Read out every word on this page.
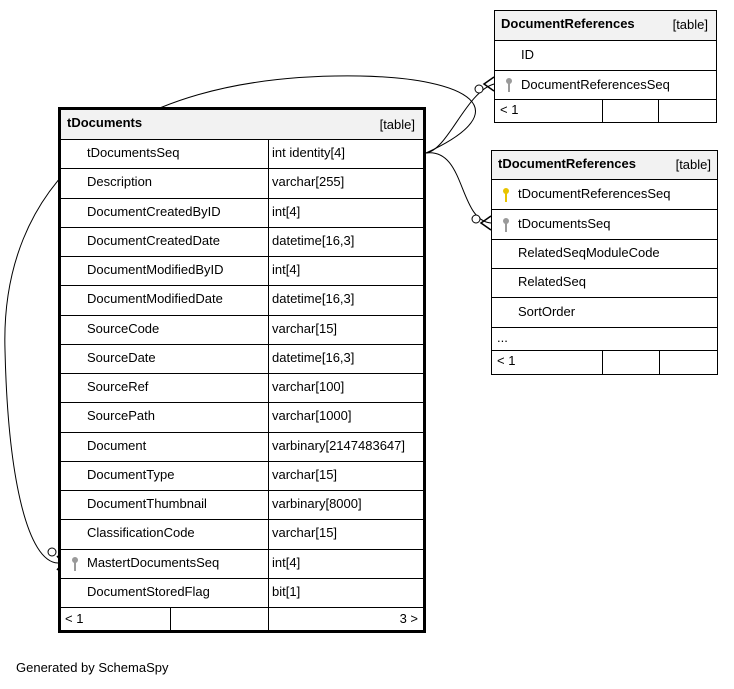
DocumentReferences	[table]
ID
DocumentReferencesSeq
< 1
tDocumentReferences	[table]
tDocumentReferencesSeq
tDocumentsSeq
RelatedSeqModuleCode
RelatedSeq
SortOrder
...
< 1
tDocuments	[table]
tDocumentsSeq	int identity[4]
Description	varchar[255]
DocumentCreatedByID	int[4]
DocumentCreatedDate	datetime[16,3]
DocumentModifiedByID	int[4]
DocumentModifiedDate	datetime[16,3]
SourceCode	varchar[15]
SourceDate	datetime[16,3]
SourceRef	varchar[100]
SourcePath	varchar[1000]
Document	varbinary[2147483647]
DocumentType	varchar[15]
DocumentThumbnail	varbinary[8000]
ClassificationCode	varchar[15]
MastertDocumentsSeq	int[4]
DocumentStoredFlag	bit[1]
< 1	3 >
Generated by SchemaSpy
